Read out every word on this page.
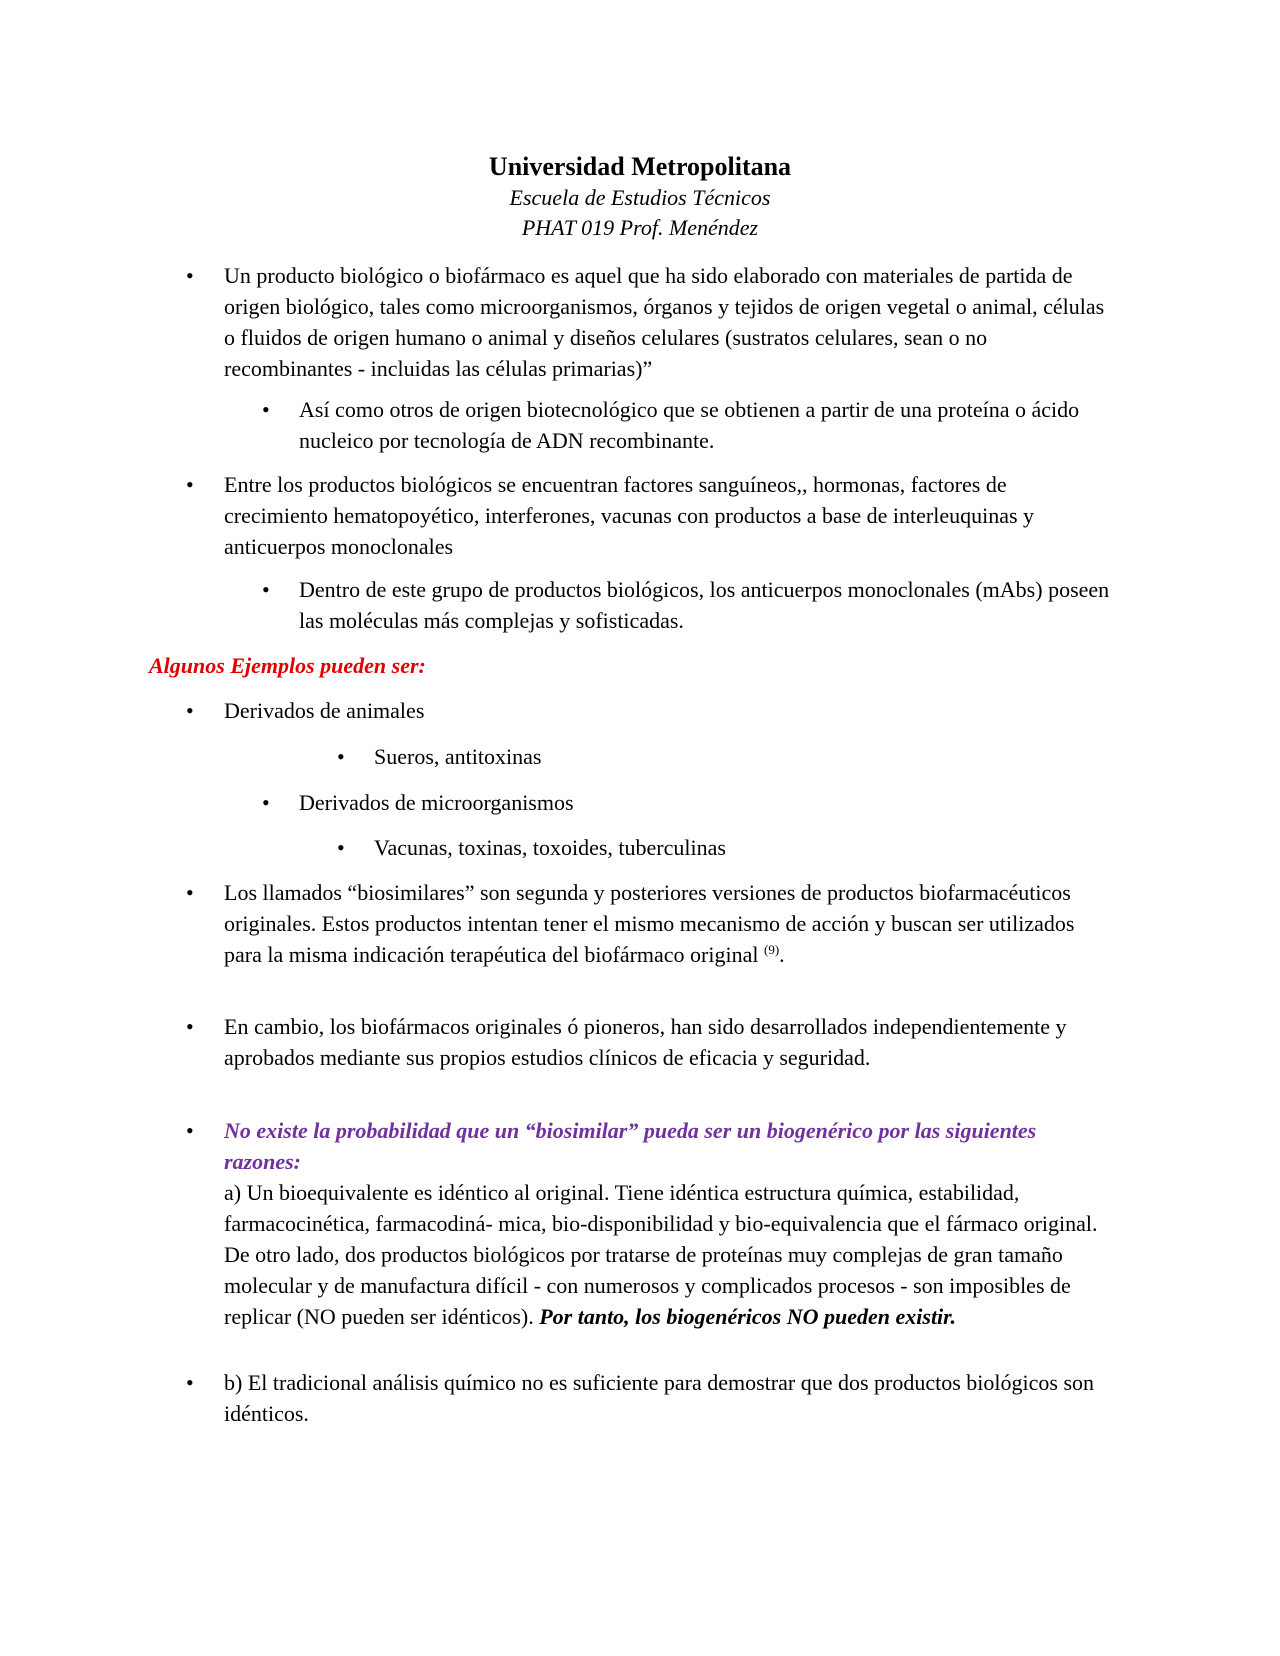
Universidad Metropolitana
Escuela de Estudios Técnicos
PHAT 019 Prof. Menéndez
•	Un producto biológico o biofármaco es aquel que ha sido elaborado con materiales de partida de origen biológico, tales como microorganismos, órganos y tejidos de origen vegetal o animal, células o fluidos de origen humano o animal y diseños celulares (sustratos celulares, sean o no recombinantes - incluidas las células primarias)”

•	Así como otros de origen biotecnológico que se obtienen a partir de una proteína o ácido nucleico por tecnología de ADN recombinante.

•	Entre los productos biológicos se encuentran factores sanguíneos,, hormonas, factores de crecimiento hematopoyético, interferones, vacunas con productos a base de interleuquinas y anticuerpos monoclonales

•	Dentro de este grupo de productos biológicos, los anticuerpos monoclonales (mAbs) poseen las moléculas más complejas y sofisticadas.

Algunos Ejemplos pueden ser:
•	Derivados de animales

•	Sueros, antitoxinas

•	Derivados de microorganismos

•	Vacunas, toxinas, toxoides, tuberculinas

•	Los llamados “biosimilares” son segunda y posteriores versiones de productos biofarmacéuticos originales. Estos productos intentan tener el mismo mecanismo de acción y buscan ser utilizados para la misma indicación terapéutica del biofármaco original $^{(9)}$.

•	En cambio, los biofármacos originales ó pioneros, han sido desarrollados independientemente y aprobados mediante sus propios estudios clínicos de eficacia y seguridad.

•	No existe la probabilidad que un “biosimilar” pueda ser un biogenérico por las siguientes razones:
a) Un bioequivalente es idéntico al original. Tiene idéntica estructura química, estabilidad, farmacocinética, farmacodiná- mica, bio-disponibilidad y bio-equivalencia que el fármaco original. De otro lado, dos productos biológicos por tratarse de proteínas muy complejas de gran tamaño molecular y de manufactura difícil - con numerosos y complicados procesos - son imposibles de replicar (NO pueden ser idénticos). Por tanto, los biogenéricos NO pueden existir.
•	b) El tradicional análisis químico no es suficiente para demostrar que dos productos biológicos son idénticos.
